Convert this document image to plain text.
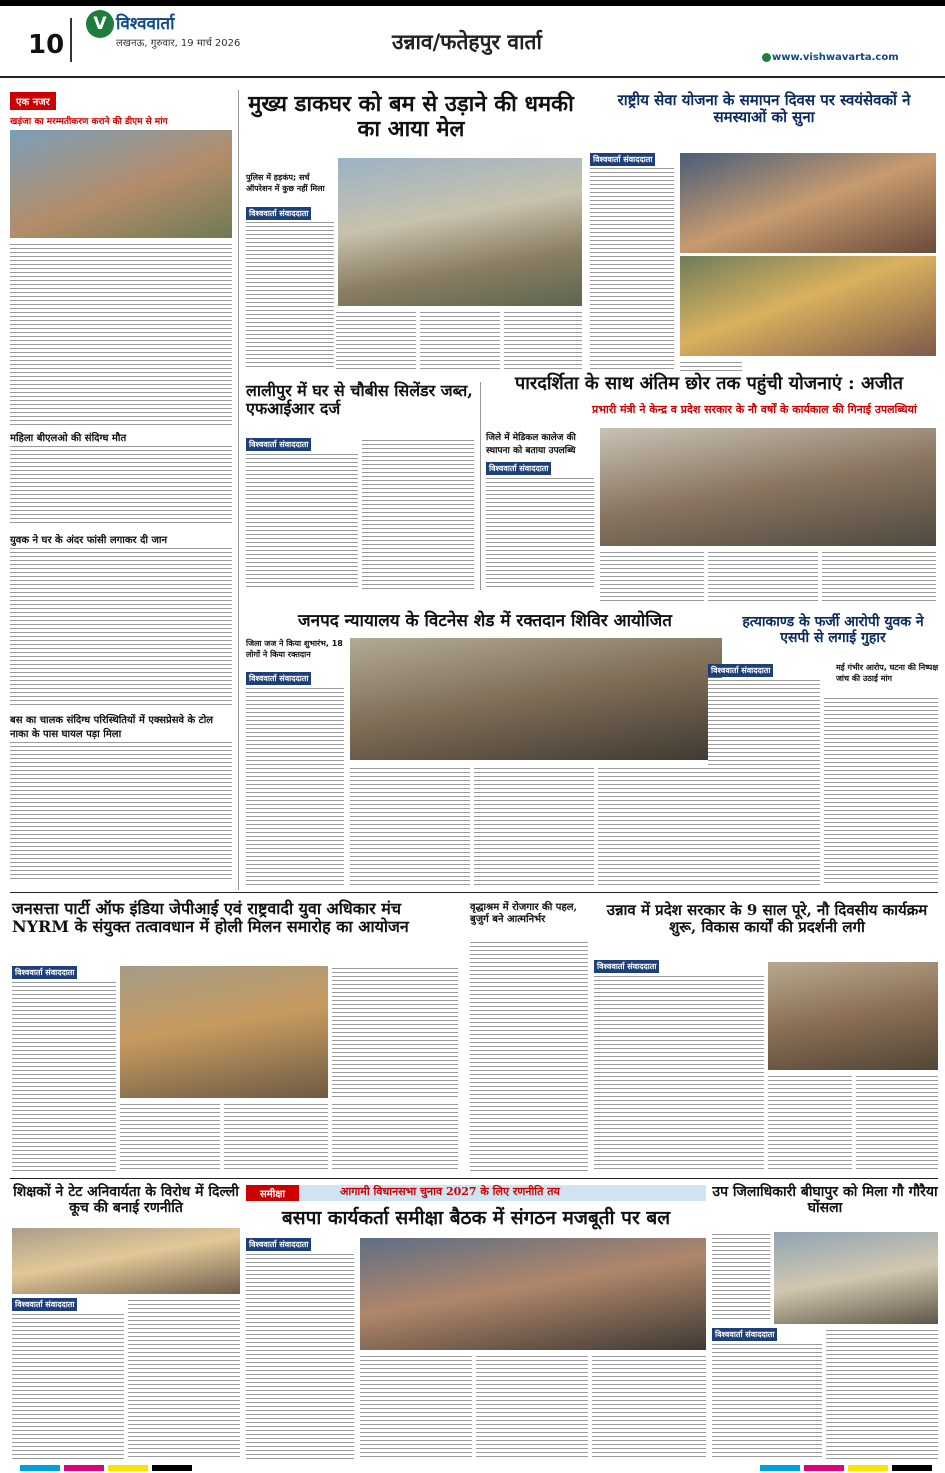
10
V विश्ववार्ता
लखनऊ, गुरुवार, 19 मार्च 2026	उन्नाव/फतेहपुर वार्ता
www.vishwavarta.com
एक नजर
खड़ंजा का मरम्मतीकरण कराने की डीएम से मांग
महिला बीएलओ की संदिग्ध मौत
युवक ने घर के अंदर फांसी लगाकर दी जान
बस का चालक संदिग्ध परिस्थितियों में एक्सप्रेसवे के टोल नाका के पास घायल पड़ा मिला
मुख्य डाकघर को बम से उड़ाने की धमकी का आया मेल
पुलिस में हड़कंप; सर्च ऑपरेशन में कुछ नहीं मिला
विश्ववार्ता संवाददाता
लालीपुर में घर से चौबीस सिलेंडर जब्त, एफआईआर दर्ज
विश्ववार्ता संवाददाता
राष्ट्रीय सेवा योजना के समापन दिवस पर स्वयंसेवकों ने समस्याओं को सुना
विश्ववार्ता संवाददाता
पारदर्शिता के साथ अंतिम छोर तक पहुंची योजनाएं : अजीत
प्रभारी मंत्री ने केन्द्र व प्रदेश सरकार के नौ वर्षों के कार्यकाल की गिनाई उपलब्धियां
जिले में मेडिकल कालेज की स्थापना को बताया उपलब्धि
विश्ववार्ता संवाददाता
जनपद न्यायालय के विटनेस शेड में रक्तदान शिविर आयोजित
जिला जज ने किया शुभारंभ, 18 लोगों ने किया रक्तदान
विश्ववार्ता संवाददाता
हत्याकाण्ड के फर्जी आरोपी युवक ने एसपी से लगाई गुहार
विश्ववार्ता संवाददाता	मई गंभीर आरोप, घटना की निष्पक्ष जांच की उठाई मांग
जनसत्ता पार्टी ऑफ इंडिया जेपीआई एवं राष्ट्रवादी युवा अधिकार मंच NYRM के संयुक्त तत्वावधान में होली मिलन समारोह का आयोजन
विश्ववार्ता संवाददाता
वृद्धाश्रम में रोजगार की पहल, बुजुर्ग बने आत्मनिर्भर	उन्नाव में प्रदेश सरकार के 9 साल पूरे, नौ दिवसीय कार्यक्रम शुरू, विकास कार्यों की प्रदर्शनी लगी
विश्ववार्ता संवाददाता
शिक्षकों ने टेट अनिवार्यता के विरोध में दिल्ली कूच की बनाई रणनीति
विश्ववार्ता संवाददाता
समीक्षा	आगामी विधानसभा चुनाव 2027 के लिए रणनीति तय
बसपा कार्यकर्ता समीक्षा बैठक में संगठन मजबूती पर बल
विश्ववार्ता संवाददाता
उप जिलाधिकारी बीघापुर को मिला गौ गौरैया घोंसला
विश्ववार्ता संवाददाता
